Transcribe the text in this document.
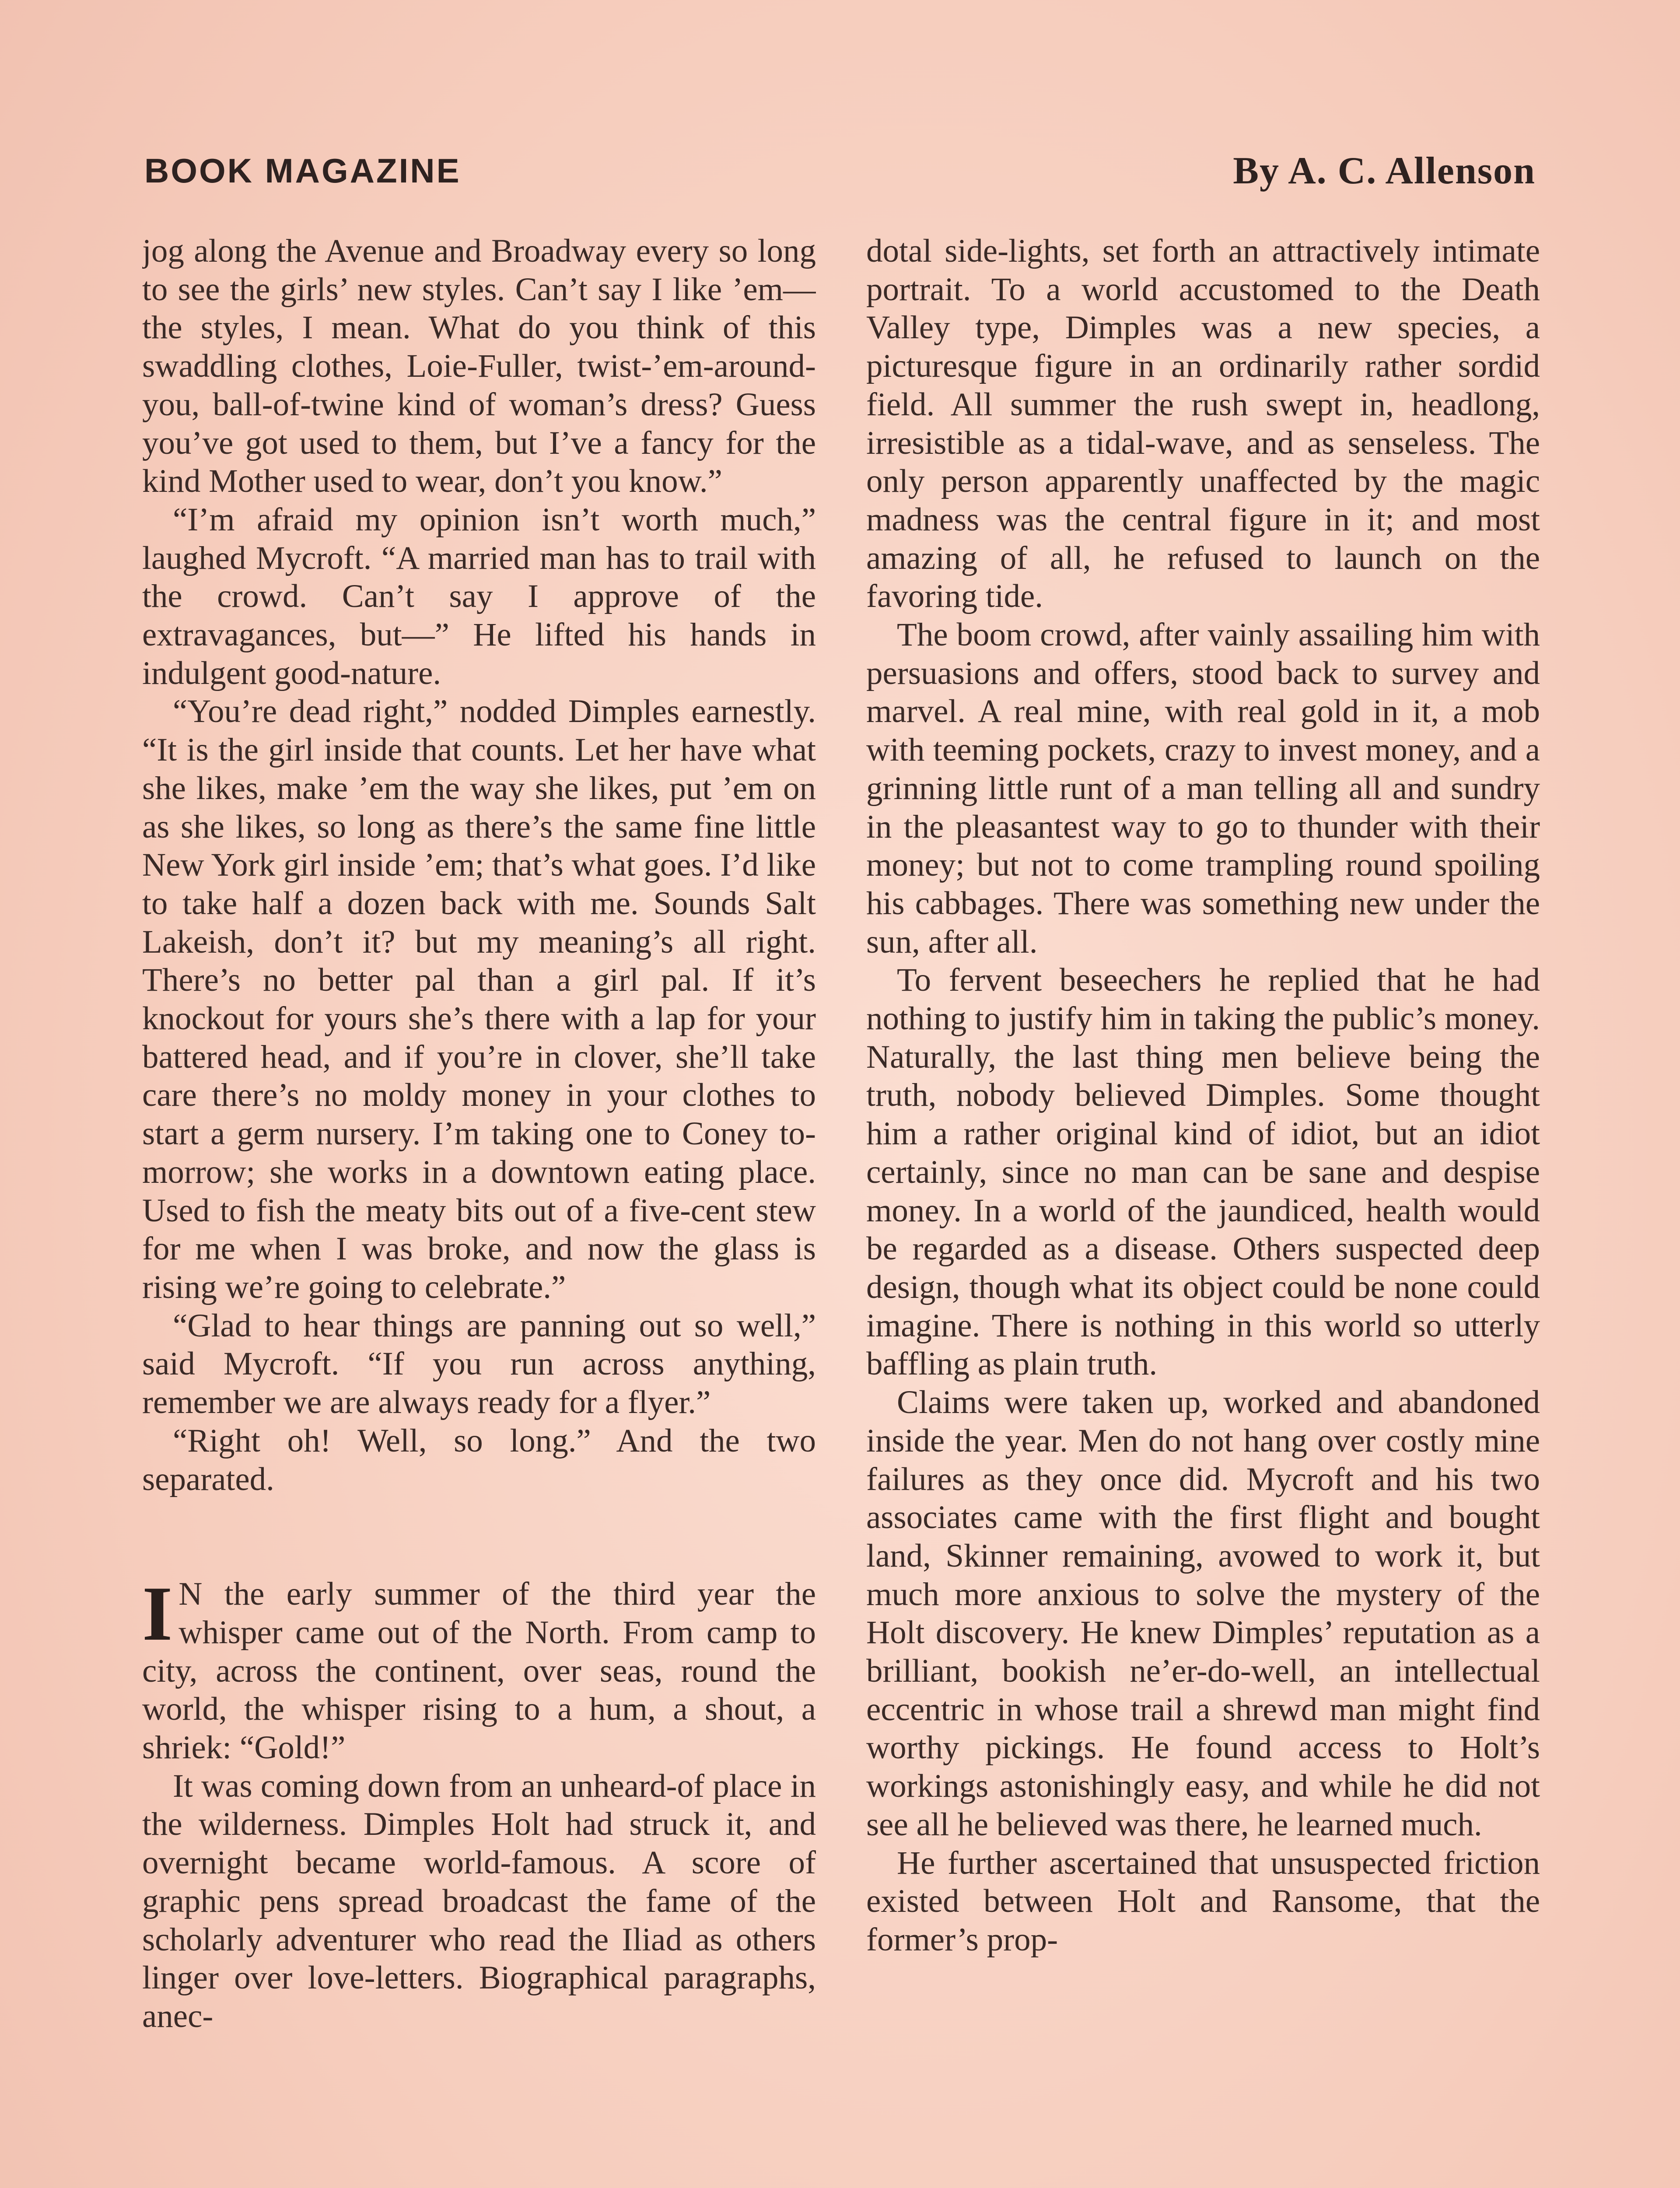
BOOK MAGAZINE	By A. C. Allenson

jog along the Avenue and Broadway every so long to see the girls’ new styles. Can’t say I like ’em—the styles, I mean. What do you think of this swaddling clothes, Loie-Fuller, twist-’em-around-you, ball-of-twine kind of woman’s dress? Guess you’ve got used to them, but I’ve a fancy for the kind Mother used to wear, don’t you know.”

“I’m afraid my opinion isn’t worth much,” laughed Mycroft. “A married man has to trail with the crowd. Can’t say I approve of the extravagances, but—” He lifted his hands in indulgent good-nature.

“You’re dead right,” nodded Dimples earnestly. “It is the girl inside that counts. Let her have what she likes, make ’em the way she likes, put ’em on as she likes, so long as there’s the same fine little New York girl inside ’em; that’s what goes. I’d like to take half a dozen back with me. Sounds Salt Lakeish, don’t it? but my meaning’s all right. There’s no better pal than a girl pal. If it’s knockout for yours she’s there with a lap for your battered head, and if you’re in clover, she’ll take care there’s no moldy money in your clothes to start a germ nursery. I’m taking one to Coney to-morrow; she works in a downtown eating place. Used to fish the meaty bits out of a five-cent stew for me when I was broke, and now the glass is rising we’re going to celebrate.”

“Glad to hear things are panning out so well,” said Mycroft. “If you run across anything, remember we are always ready for a flyer.”

“Right oh! Well, so long.” And the two separated.

I N the early summer of the third year the whisper came out of the North. From camp to city, across the continent, over seas, round the world, the whisper rising to a hum, a shout, a shriek: “Gold!”

It was coming down from an unheard-of place in the wilderness. Dimples Holt had struck it, and overnight became world-famous. A score of graphic pens spread broadcast the fame of the scholarly adventurer who read the Iliad as others linger over love-letters. Biographical paragraphs, anec-

dotal side-lights, set forth an attractively intimate portrait. To a world accustomed to the Death Valley type, Dimples was a new species, a picturesque figure in an ordinarily rather sordid field. All summer the rush swept in, headlong, irresistible as a tidal-wave, and as senseless. The only person apparently unaffected by the magic madness was the central figure in it; and most amazing of all, he refused to launch on the favoring tide.

The boom crowd, after vainly assailing him with persuasions and offers, stood back to survey and marvel. A real mine, with real gold in it, a mob with teeming pockets, crazy to invest money, and a grinning little runt of a man telling all and sundry in the pleasantest way to go to thunder with their money; but not to come trampling round spoiling his cabbages. There was something new under the sun, after all.

To fervent beseechers he replied that he had nothing to justify him in taking the public’s money. Naturally, the last thing men believe being the truth, nobody believed Dimples. Some thought him a rather original kind of idiot, but an idiot certainly, since no man can be sane and despise money. In a world of the jaundiced, health would be regarded as a disease. Others suspected deep design, though what its object could be none could imagine. There is nothing in this world so utterly baffling as plain truth.

Claims were taken up, worked and abandoned inside the year. Men do not hang over costly mine failures as they once did. Mycroft and his two associates came with the first flight and bought land, Skinner remaining, avowed to work it, but much more anxious to solve the mystery of the Holt discovery. He knew Dimples’ reputation as a brilliant, bookish ne’er-do-well, an intellectual eccentric in whose trail a shrewd man might find worthy pickings. He found access to Holt’s workings astonishingly easy, and while he did not see all he believed was there, he learned much.

He further ascertained that unsuspected friction existed between Holt and Ransome, that the former’s prop-
